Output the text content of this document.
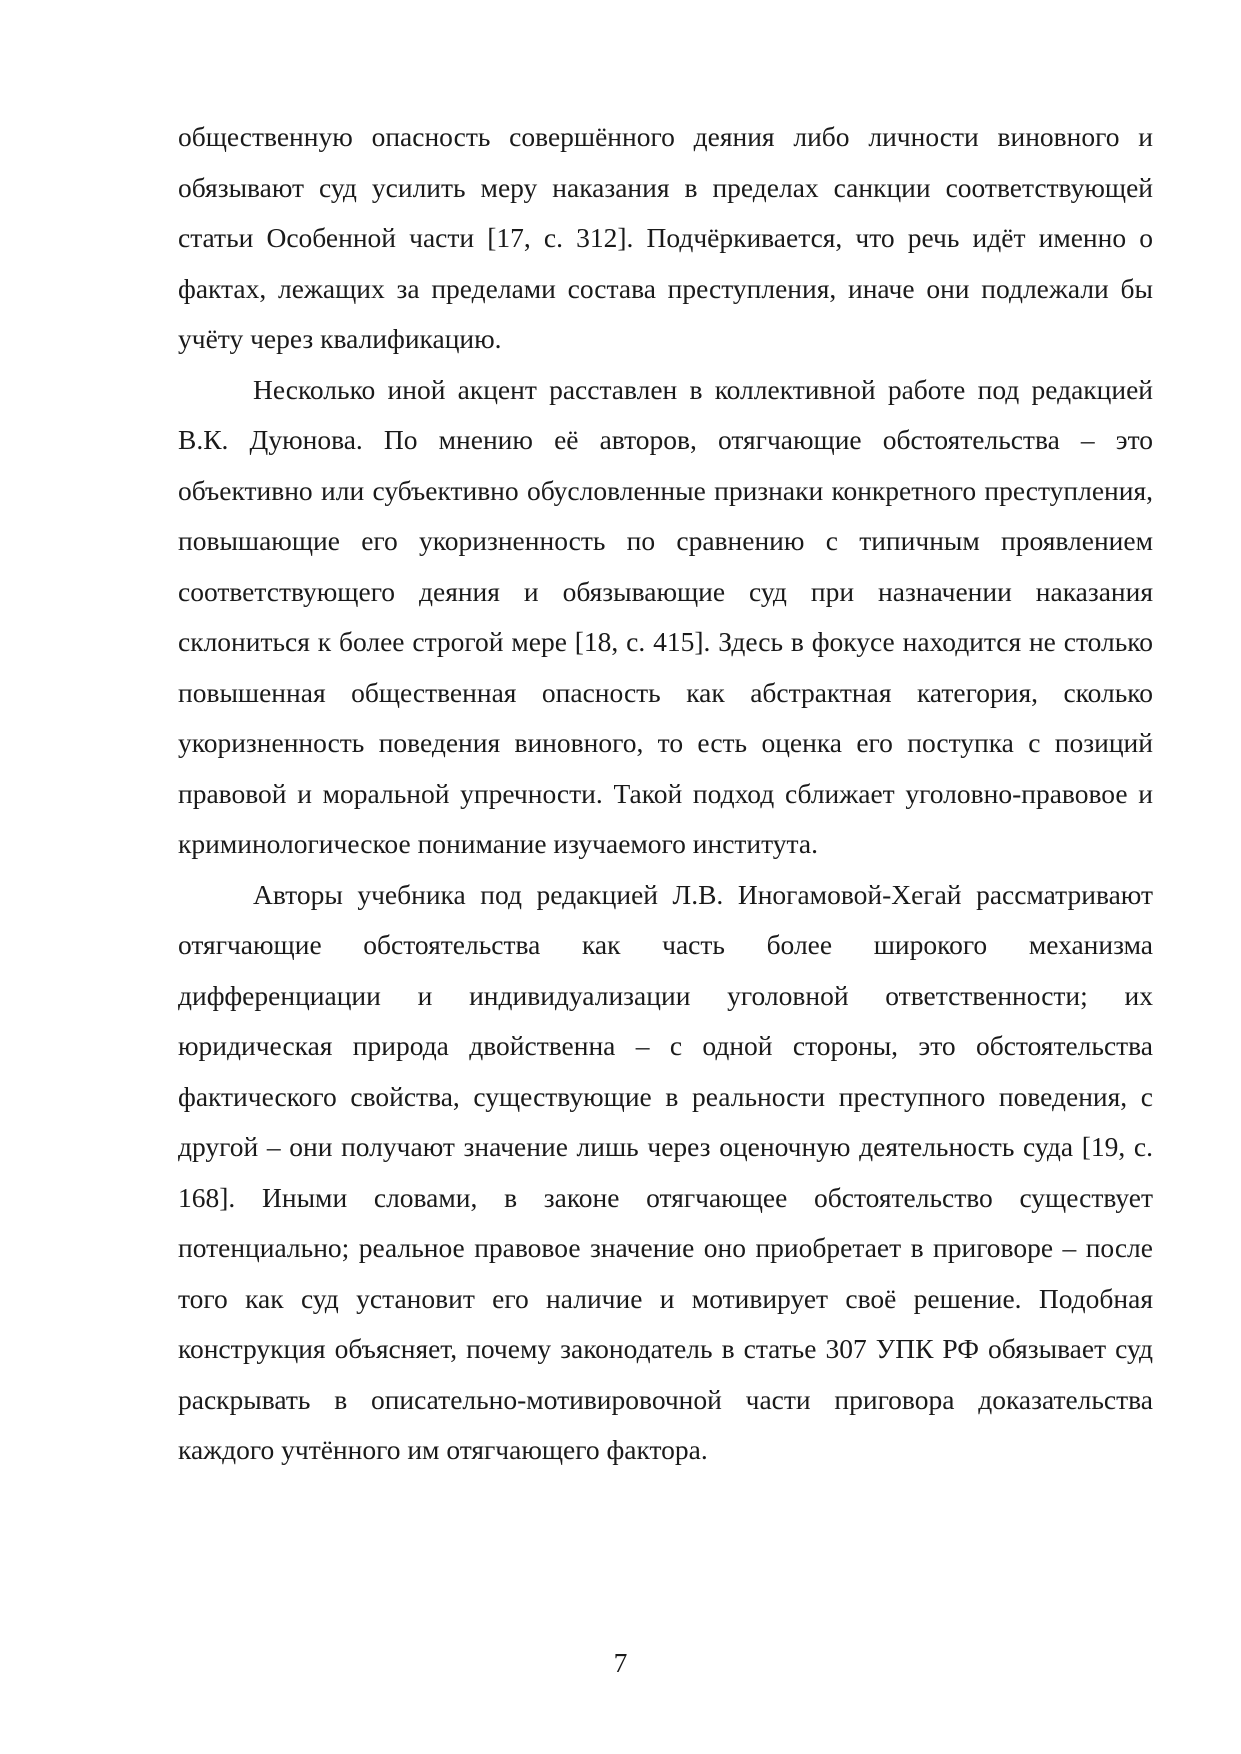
общественную опасность совершённого деяния либо личности виновного и обязывают суд усилить меру наказания в пределах санкции соответствующей статьи Особенной части [17, с. 312]. Подчёркивается, что речь идёт именно о фактах, лежащих за пределами состава преступления, иначе они подлежали бы учёту через квалификацию.

Несколько иной акцент расставлен в коллективной работе под редакцией В.К. Дуюнова. По мнению её авторов, отягчающие обстоятельства – это объективно или субъективно обусловленные признаки конкретного преступления, повышающие его укоризненность по сравнению с типичным проявлением соответствующего деяния и обязывающие суд при назначении наказания склониться к более строгой мере [18, с. 415]. Здесь в фокусе находится не столько повышенная общественная опасность как абстрактная категория, сколько укоризненность поведения виновного, то есть оценка его поступка с позиций правовой и моральной упречности. Такой подход сближает уголовно-правовое и криминологическое понимание изучаемого института.

Авторы учебника под редакцией Л.В. Иногамовой-Хегай рассматривают отягчающие обстоятельства как часть более широкого механизма дифференциации и индивидуализации уголовной ответственности; их юридическая природа двойственна – с одной стороны, это обстоятельства фактического свойства, существующие в реальности преступного поведения, с другой – они получают значение лишь через оценочную деятельность суда [19, с. 168]. Иными словами, в законе отягчающее обстоятельство существует потенциально; реальное правовое значение оно приобретает в приговоре – после того как суд установит его наличие и мотивирует своё решение. Подобная конструкция объясняет, почему законодатель в статье 307 УПК РФ обязывает суд раскрывать в описательно-мотивировочной части приговора доказательства каждого учтённого им отягчающего фактора.

7
